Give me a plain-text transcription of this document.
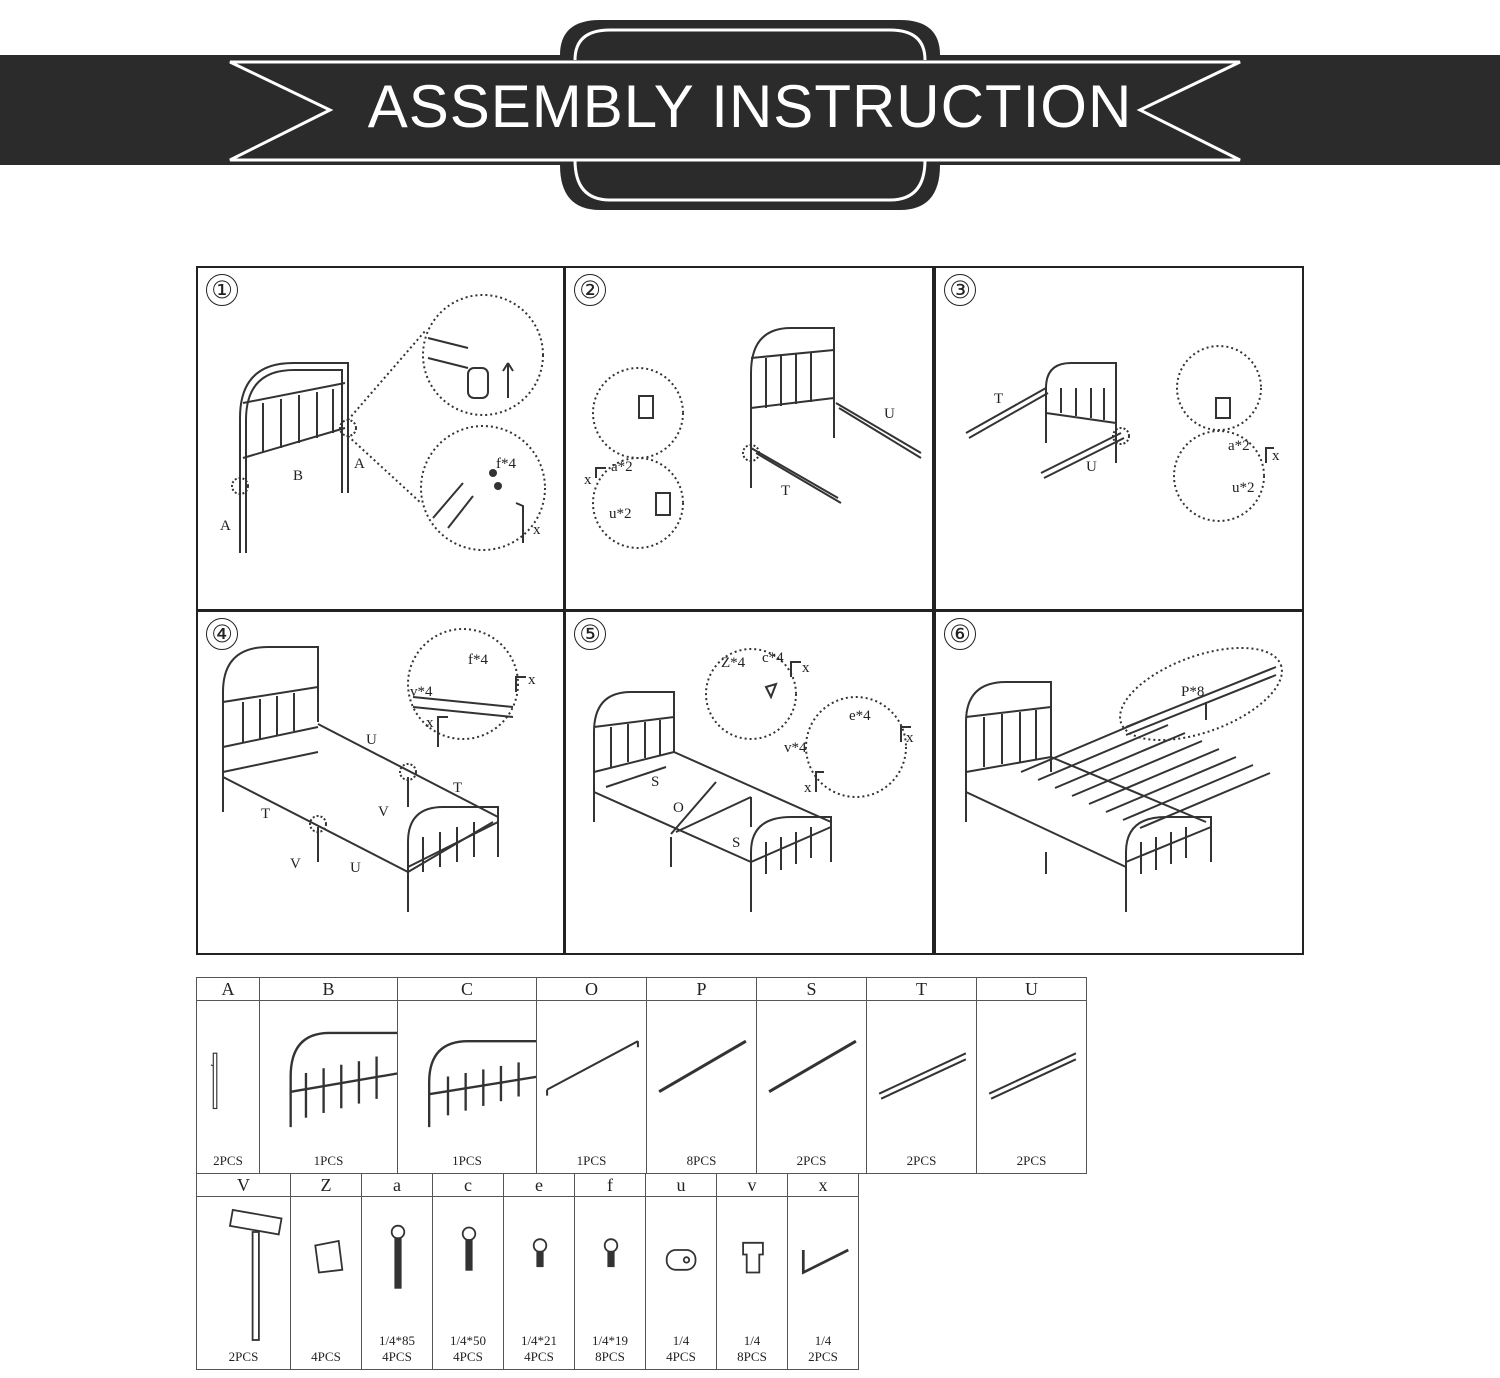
ASSEMBLY INSTRUCTION
①
A
A
B
f*4
x
②
U
T
x
a*2
u*2
③
T
U
a*2
x
u*2
④
f*4
v*4
x
x
U
T
T	V
V	U
⑤
Z*4 c*4
x
e*4
v*4
x
x
S
O
S
⑥
P*8
A
2PCS
B
1PCS
C
1PCS
O
1PCS
P
8PCS
S
2PCS
T
2PCS
U
2PCS
V
2PCS
Z
4PCS
a
1/4*85
4PCS
c
1/4*50
4PCS
e
1/4*21
4PCS
f
1/4*19
8PCS
u
1/4
4PCS
v
1/4
8PCS
x
1/4
2PCS
